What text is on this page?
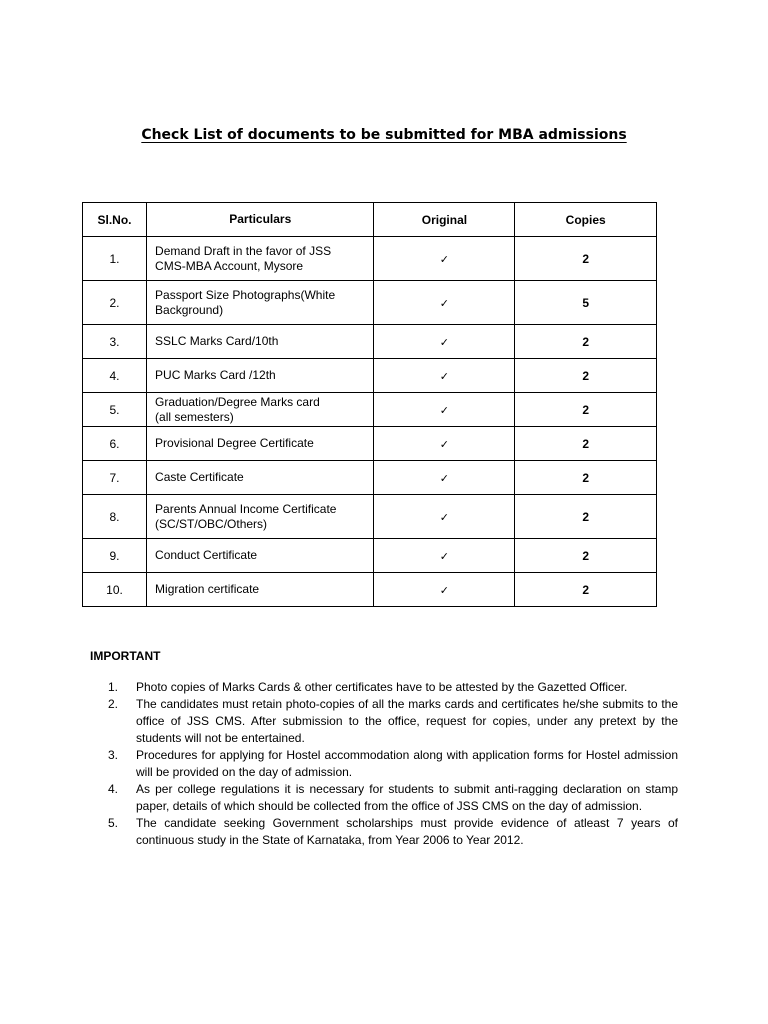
Check List of documents to be submitted for MBA admissions
Sl.No.	Particulars	Original	Copies
1.	Demand Draft in the favor of JSS
CMS-MBA Account, Mysore	✓	2
2.	Passport Size Photographs(White
Background)	✓	5
3.	SSLC Marks Card/10th	✓	2
4.	PUC Marks Card /12th	✓	2
5.	Graduation/Degree Marks card
(all semesters)	✓	2
6.	Provisional Degree Certificate	✓	2
7.	Caste Certificate	✓	2
8.	Parents Annual Income Certificate
(SC/ST/OBC/Others)	✓	2
9.	Conduct Certificate	✓	2
10.	Migration certificate	✓	2
IMPORTANT
1. Photo copies of Marks Cards & other certificates have to be attested by the Gazetted Officer.
2. The candidates must retain photo-copies of all the marks cards and certificates he/she submits to the office of JSS CMS. After submission to the office, request for copies, under any pretext by the students will not be entertained.
3. Procedures for applying for Hostel accommodation along with application forms for Hostel admission will be provided on the day of admission.
4. As per college regulations it is necessary for students to submit anti-ragging declaration on stamp paper, details of which should be collected from the office of JSS CMS on the day of admission.
5. The candidate seeking Government scholarships must provide evidence of atleast 7 years of continuous study in the State of Karnataka, from Year 2006 to Year 2012.
